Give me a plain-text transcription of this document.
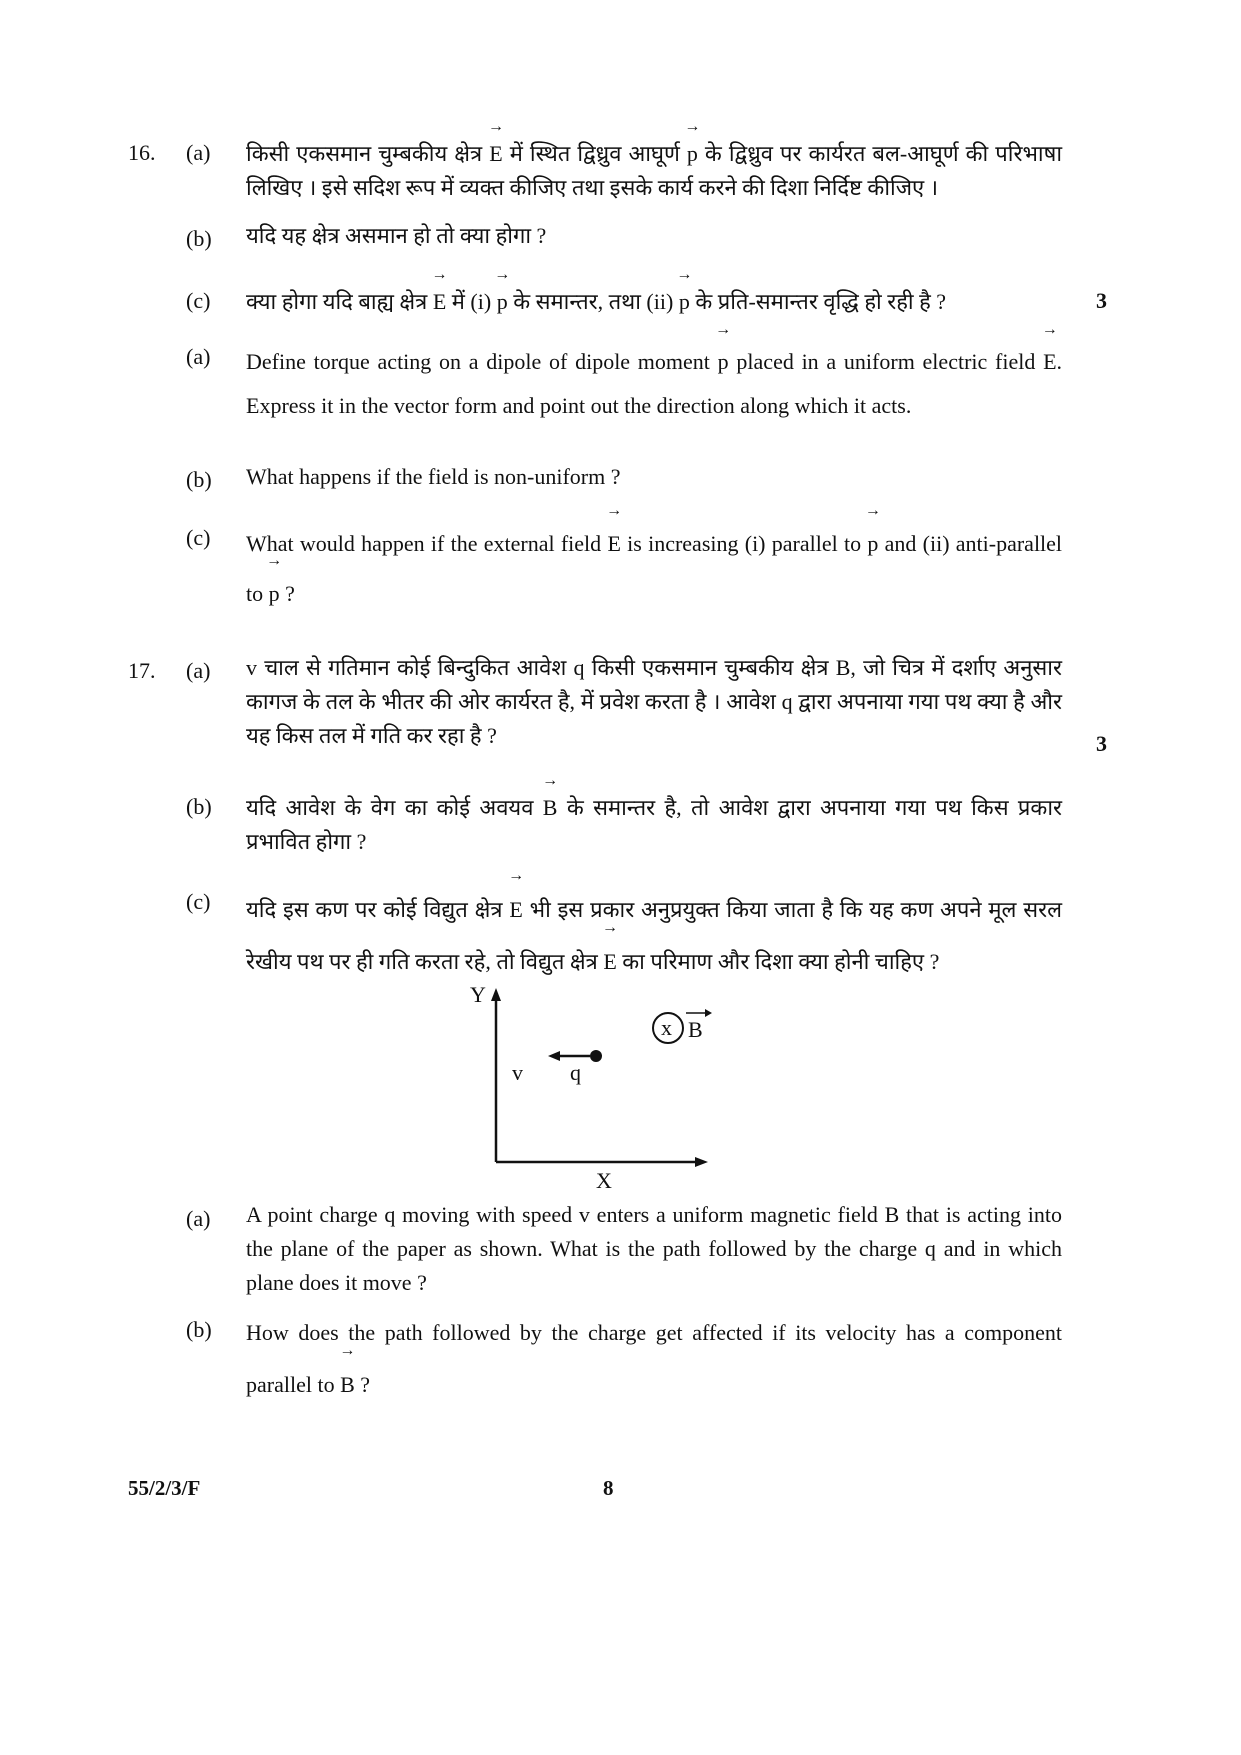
16. (a) किसी एकसमान चुम्बकीय क्षेत्र → E में स्थित द्विध्रुव आघूर्ण → p के द्विध्रुव पर कार्यरत बल-आघूर्ण की परिभाषा लिखिए । इसे सदिश रूप में व्यक्त कीजिए तथा इसके कार्य करने की दिशा निर्दिष्ट कीजिए ।
(b) यदि यह क्षेत्र असमान हो तो क्या होगा ?
(c) क्या होगा यदि बाह्य क्षेत्र → E में (i) → p के समान्तर, तथा (ii) → p के प्रति-समान्तर वृद्धि हो रही है ?	3
(a) Define torque acting on a dipole of dipole moment → p placed in a uniform electric field → E. Express it in the vector form and point out the direction along which it acts.
(b) What happens if the field is non-uniform ?
(c) What would happen if the external field → E is increasing (i) parallel to → p and (ii) anti-parallel to → p ?
17. (a) v चाल से गतिमान कोई बिन्दुकित आवेश q किसी एकसमान चुम्बकीय क्षेत्र B, जो चित्र में दर्शाए अनुसार कागज के तल के भीतर की ओर कार्यरत है, में प्रवेश करता है । आवेश q द्वारा अपनाया गया पथ क्या है और यह किस तल में गति कर रहा है ?	3
(b) यदि आवेश के वेग का कोई अवयव → B के समान्तर है, तो आवेश द्वारा अपनाया गया पथ किस प्रकार प्रभावित होगा ?
(c) यदि इस कण पर कोई विद्युत क्षेत्र → E भी इस प्रकार अनुप्रयुक्त किया जाता है कि यह कण अपने मूल सरल रेखीय पथ पर ही गति करता रहे, तो विद्युत क्षेत्र → E का परिमाण और दिशा क्या होनी चाहिए ?
Y
X
v q
x B
(a) A point charge q moving with speed v enters a uniform magnetic field B that is acting into the plane of the paper as shown. What is the path followed by the charge q and in which plane does it move ?
(b) How does the path followed by the charge get affected if its velocity has a component parallel to → B ?
55/2/3/F	8
